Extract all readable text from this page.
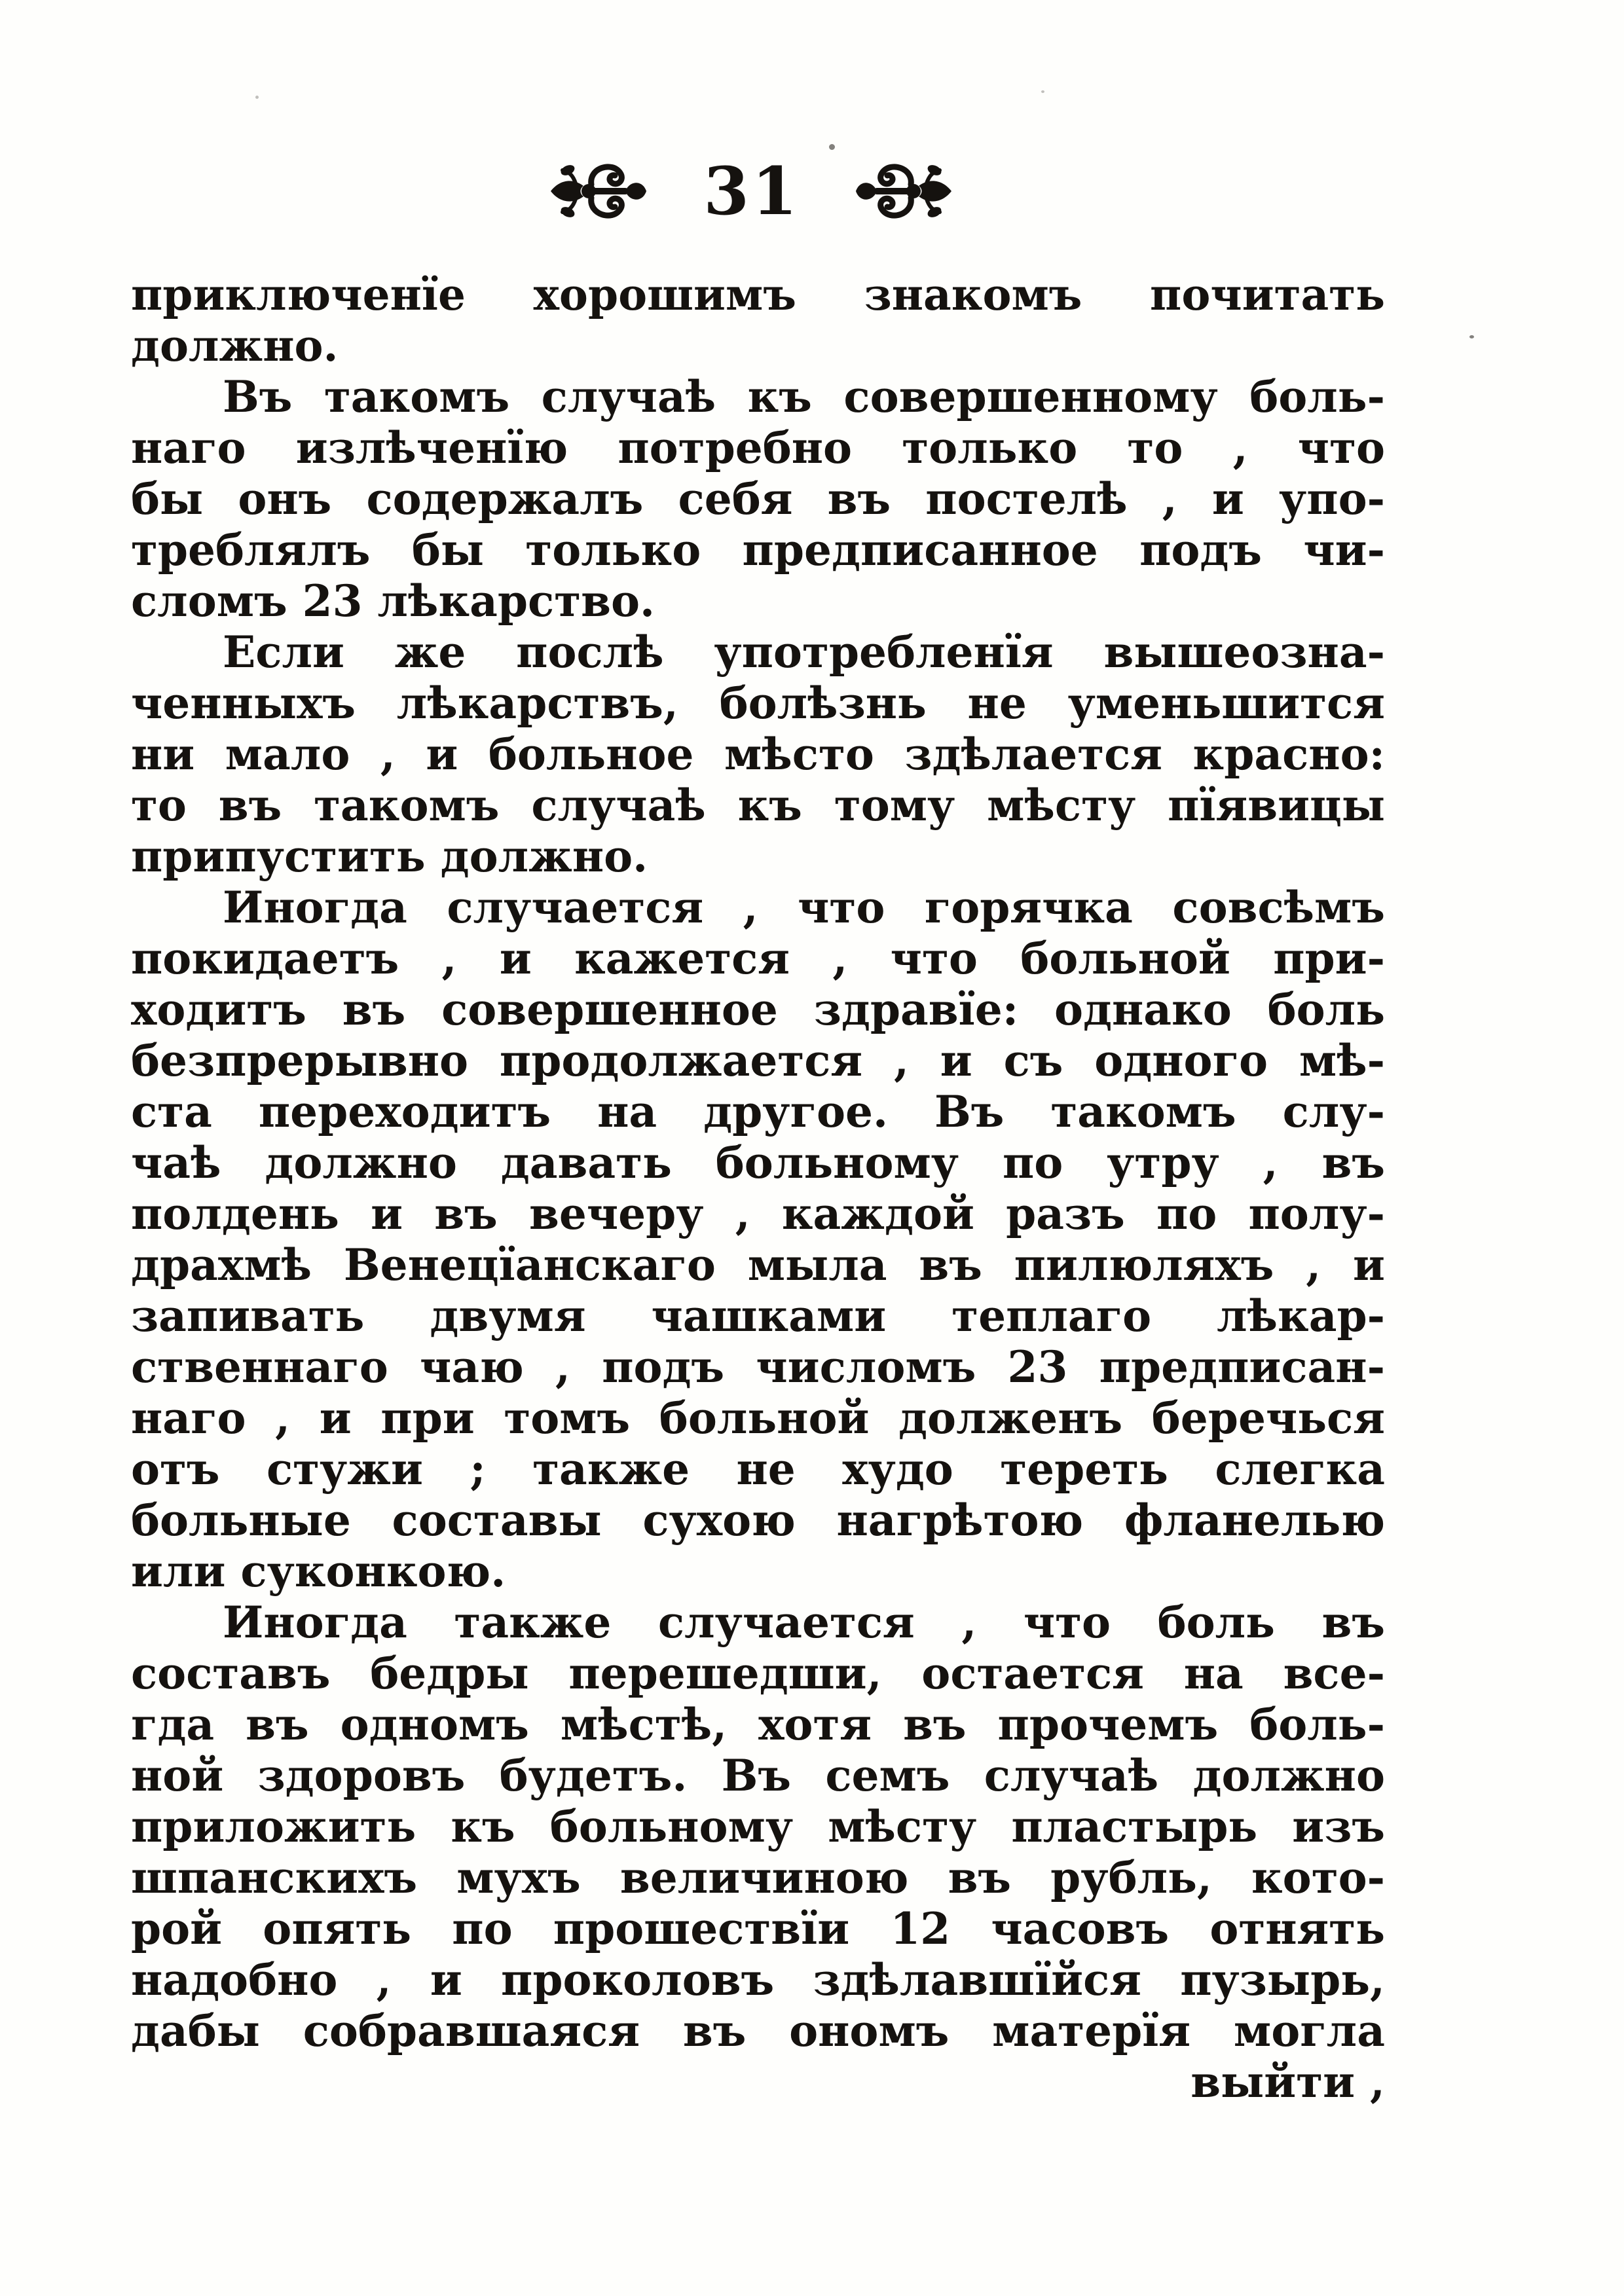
31
приключенїе хорошимъ знакомъ почитать
должно.
Въ такомъ случаѣ къ совершенному боль-
наго излѣченїю потребно только то , что
бы онъ содержалъ себя въ постелѣ , и упо-
треблялъ бы только предписанное подъ чи-
сломъ 23 лѣкарство.
Если же послѣ употребленїя вышеозна-
ченныхъ лѣкарствъ, болѣзнь не уменьшится
ни мало , и больное мѣсто здѣлается красно:
то въ такомъ случаѣ къ тому мѣсту пїявицы
припустить должно.
Иногда случается , что горячка совсѣмъ
покидаетъ , и кажется , что больной при-
ходитъ въ совершенное здравїе: однако боль
безпрерывно продолжается , и съ одного мѣ-
ста переходитъ на другое. Въ такомъ слу-
чаѣ должно давать больному по утру , въ
полдень и въ вечеру , каждой разъ по полу-
драхмѣ Венецїанскаго мыла въ пилюляхъ , и
запивать двумя чашками теплаго лѣкар-
ственнаго чаю , подъ числомъ 23 предписан-
наго , и при томъ больной долженъ беречься
отъ стужи ; также не худо тереть слегка
больные составы сухою нагрѣтою фланелью
или суконкою.
Иногда также случается , что боль въ
составъ бедры перешедши, остается на все-
гда въ одномъ мѣстѣ, хотя въ прочемъ боль-
ной здоровъ будетъ. Въ семъ случаѣ должно
приложить къ больному мѣсту пластырь изъ
шпанскихъ мухъ величиною въ рубль, кото-
рой опять по прошествїи 12 часовъ отнять
надобно , и проколовъ здѣлавшїйся пузырь,
дабы собравшаяся въ ономъ матерїя могла
выйти ,
